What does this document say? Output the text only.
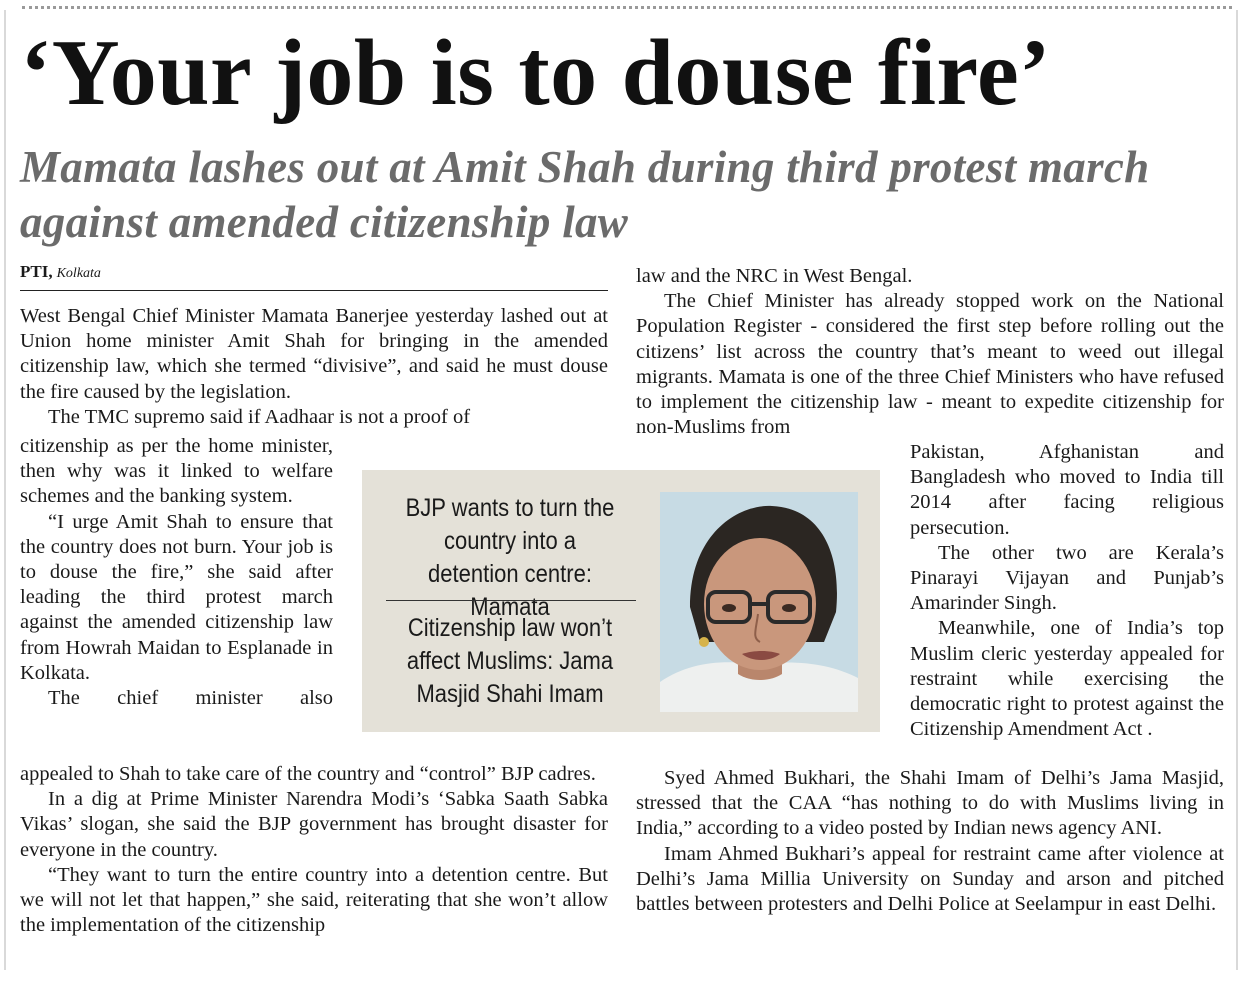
‘Your job is to douse fire’
Mamata lashes out at Amit Shah during third protest march against amended citizenship law
PTI, Kolkata

West Bengal Chief Minister Mamata Banerjee yesterday lashed out at Union home minister Amit Shah for bringing in the amended citizenship law, which she termed “divisive”, and said he must douse the fire caused by the legislation.

The TMC supremo said if Aadhaar is not a proof of

citizenship as per the home minister, then why was it linked to welfare schemes and the banking system.

“I urge Amit Shah to ensure that the country does not burn. Your job is to douse the fire,” she said after leading the third protest march against the amended citizenship law from Howrah Maidan to Esplanade in Kolkata.

The chief minister also

appealed to Shah to take care of the country and “control” BJP cadres.

In a dig at Prime Minister Narendra Modi’s ‘Sabka Saath Sabka Vikas’ slogan, she said the BJP government has brought disaster for everyone in the country.

“They want to turn the entire country into a detention centre. But we will not let that happen,” she said, reiterating that she won’t allow the implementation of the citizenship

law and the NRC in West Bengal.

The Chief Minister has already stopped work on the National Population Register - considered the first step before rolling out the citizens’ list across the country that’s meant to weed out illegal migrants. Mamata is one of the three Chief Ministers who have refused to implement the citizenship law - meant to expedite citizenship for non-Muslims from

Pakistan, Afghanistan and Bangladesh who moved to India till 2014 after facing religious persecution.

The other two are Kerala’s Pinarayi Vijayan and Punjab’s Amarinder Singh.

Meanwhile, one of India’s top Muslim cleric yesterday appealed for restraint while exercising the democratic right to protest against the Citizenship Amendment Act .

Syed Ahmed Bukhari, the Shahi Imam of Delhi’s Jama Masjid, stressed that the CAA “has nothing to do with Muslims living in India,” according to a video posted by Indian news agency ANI.

Imam Ahmed Bukhari’s appeal for restraint came after violence at Delhi’s Jama Millia University on Sunday and arson and pitched battles between protesters and Delhi Police at Seelampur in east Delhi.

BJP wants to turn the country into a detention centre: Mamata
Citizenship law won’t affect Muslims: Jama Masjid Shahi Imam
